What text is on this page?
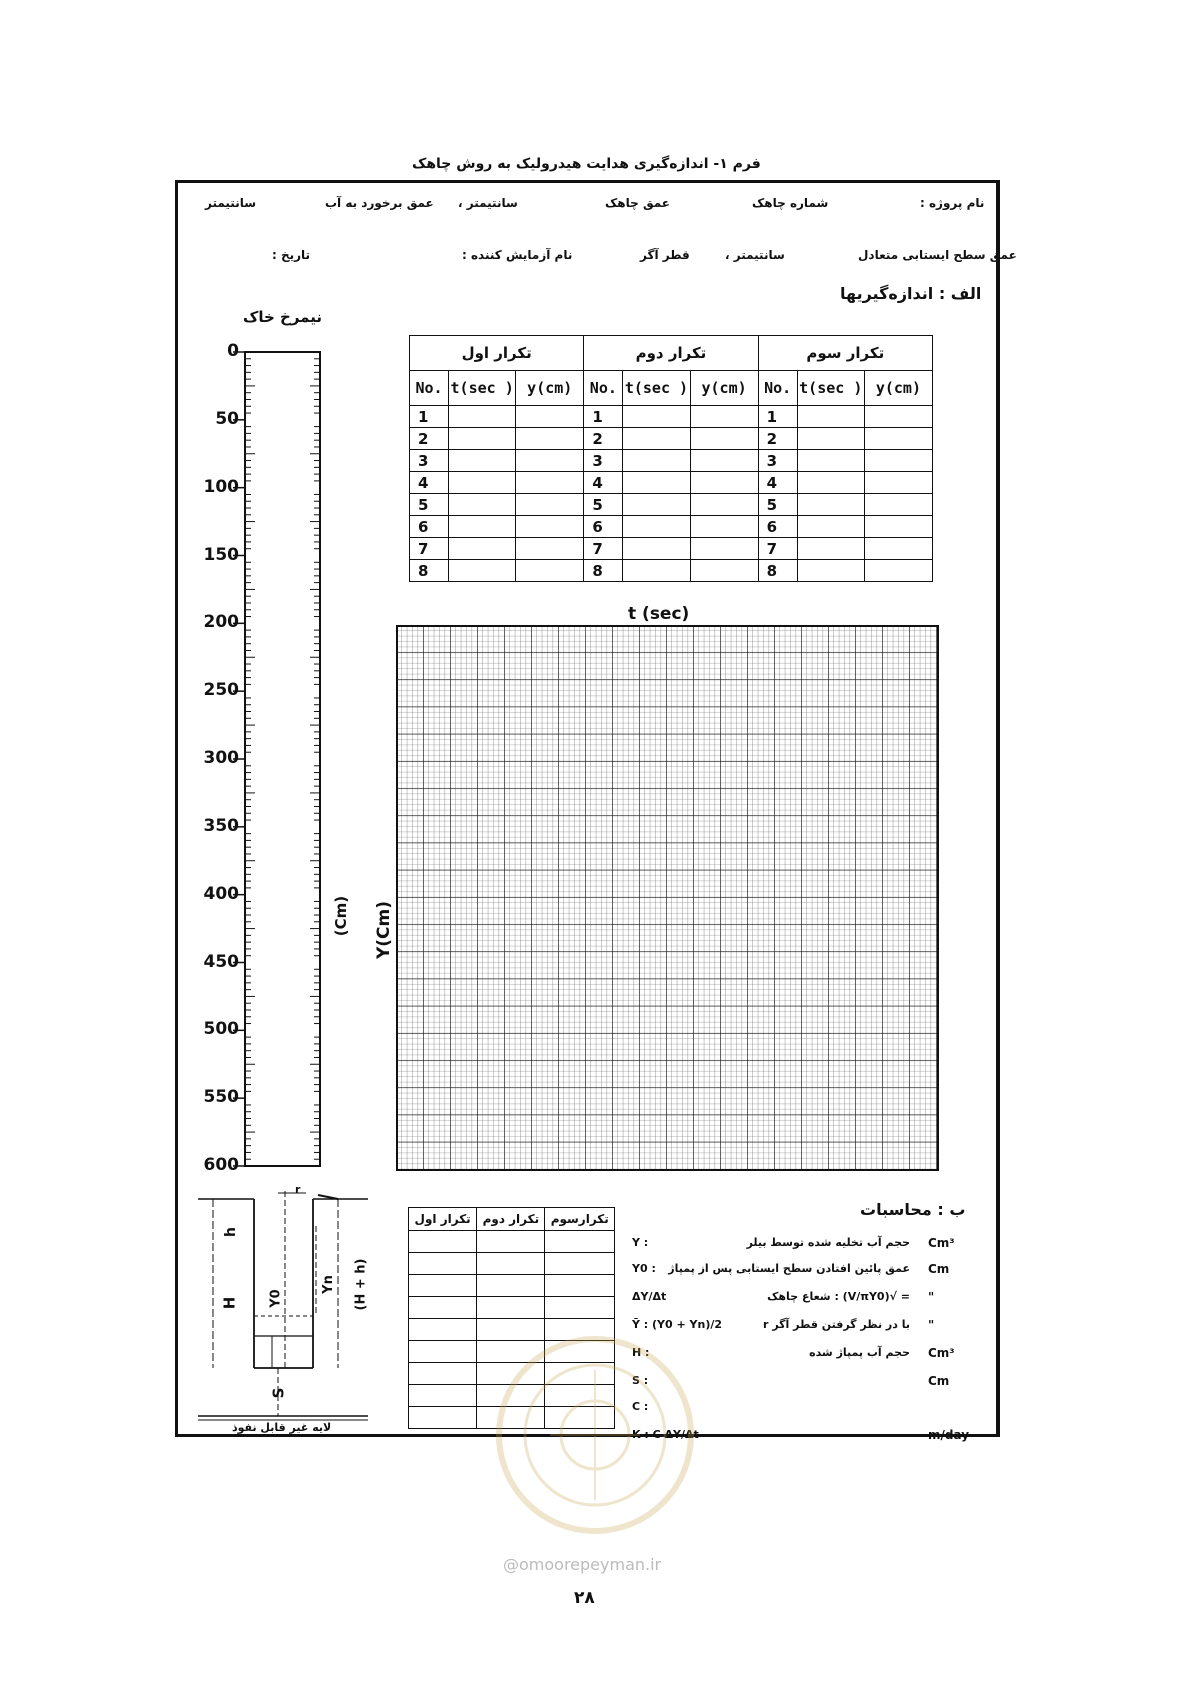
فرم ۱- اندازه‌گیری هدایت هیدرولیک به روش چاهک
نام پروژه :
شماره چاهک
عمق چاهک
سانتیمتر ،
عمق برخورد به آب
سانتیمتر
عمق سطح ایستابی متعادل
سانتیمتر ،
قطر آگر
نام آزمایش کننده :
تاریخ :
الف : اندازه‌گیریها
نیمرخ خاک
0
50
100
150
200
250
300
350
400
450
500
550
600
(Cm)
تکرار اول			تکرار دوم			تکرار سوم		
No.	t(sec )	y(cm)	No.	t(sec )	y(cm)	No.	t(sec )	y(cm)
1			1			1		
2			2			2		
3			3			3		
4			4			4		
5			5			5		
6			6			6		
7			7			7		
8			8			8		
t (sec)
Y(Cm)
h
H Y0
Yn (H + h)
S
r
لایه غیر قابل نفوذ
تکرار اول	تکرار دوم	تکرارسوم

			ب : محاسبات
Y :	حجم آب تخلیه شده توسط بیلر Cm³
Y0 : عمق پائین افتادن سطح ایستابی پس از پمپاژ Cm
ΔY/Δt	= √(V/πY0) : شعاع چاهک "
Ȳ : (Y0 + Yn)/2	با در نظر گرفتن قطر آگر r "
H :	حجم آب پمپاژ شده Cm³
S :	Cm
C :
K : C ΔY/Δt	m/day
@omoorepeyman.ir
۲۸
